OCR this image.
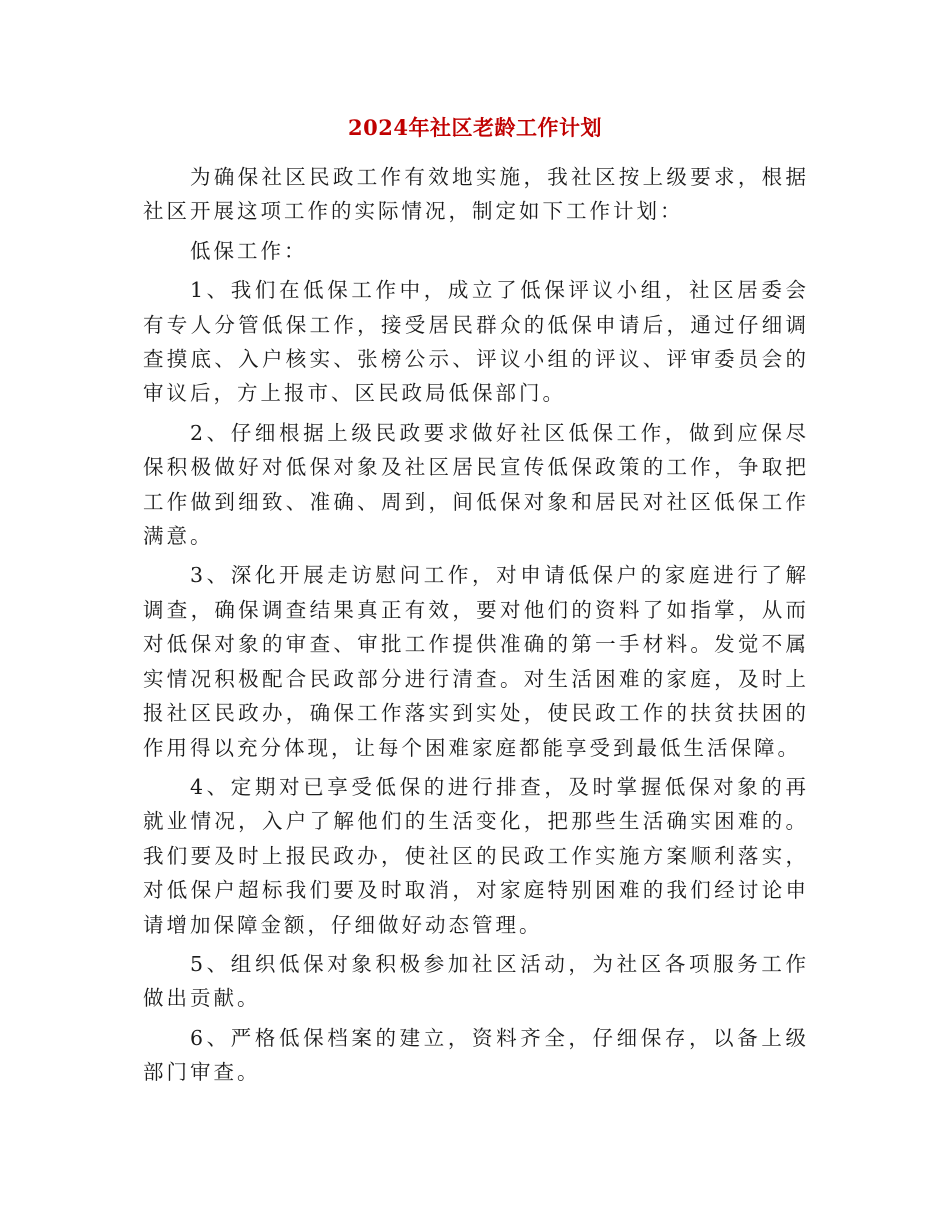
2024年社区老龄工作计划

为确保社区民政工作有效地实施，我社区按上级要求，根据社区开展这项工作的实际情况，制定如下工作计划：

低保工作：

1、我们在低保工作中，成立了低保评议小组，社区居委会有专人分管低保工作，接受居民群众的低保申请后，通过仔细调查摸底、入户核实、张榜公示、评议小组的评议、评审委员会的审议后，方上报市、区民政局低保部门。

2、仔细根据上级民政要求做好社区低保工作，做到应保尽保积极做好对低保对象及社区居民宣传低保政策的工作，争取把工作做到细致、准确、周到，间低保对象和居民对社区低保工作满意。

3、深化开展走访慰问工作，对申请低保户的家庭进行了解调查，确保调查结果真正有效，要对他们的资料了如指掌，从而对低保对象的审查、审批工作提供准确的第一手材料。发觉不属实情况积极配合民政部分进行清查。对生活困难的家庭，及时上报社区民政办，确保工作落实到实处，使民政工作的扶贫扶困的作用得以充分体现，让每个困难家庭都能享受到最低生活保障。

4、定期对已享受低保的进行排查，及时掌握低保对象的再就业情况，入户了解他们的生活变化，把那些生活确实困难的。我们要及时上报民政办，使社区的民政工作实施方案顺利落实，对低保户超标我们要及时取消，对家庭特别困难的我们经讨论申请增加保障金额，仔细做好动态管理。

5、组织低保对象积极参加社区活动，为社区各项服务工作做出贡献。

6、严格低保档案的建立，资料齐全，仔细保存，以备上级部门审查。
